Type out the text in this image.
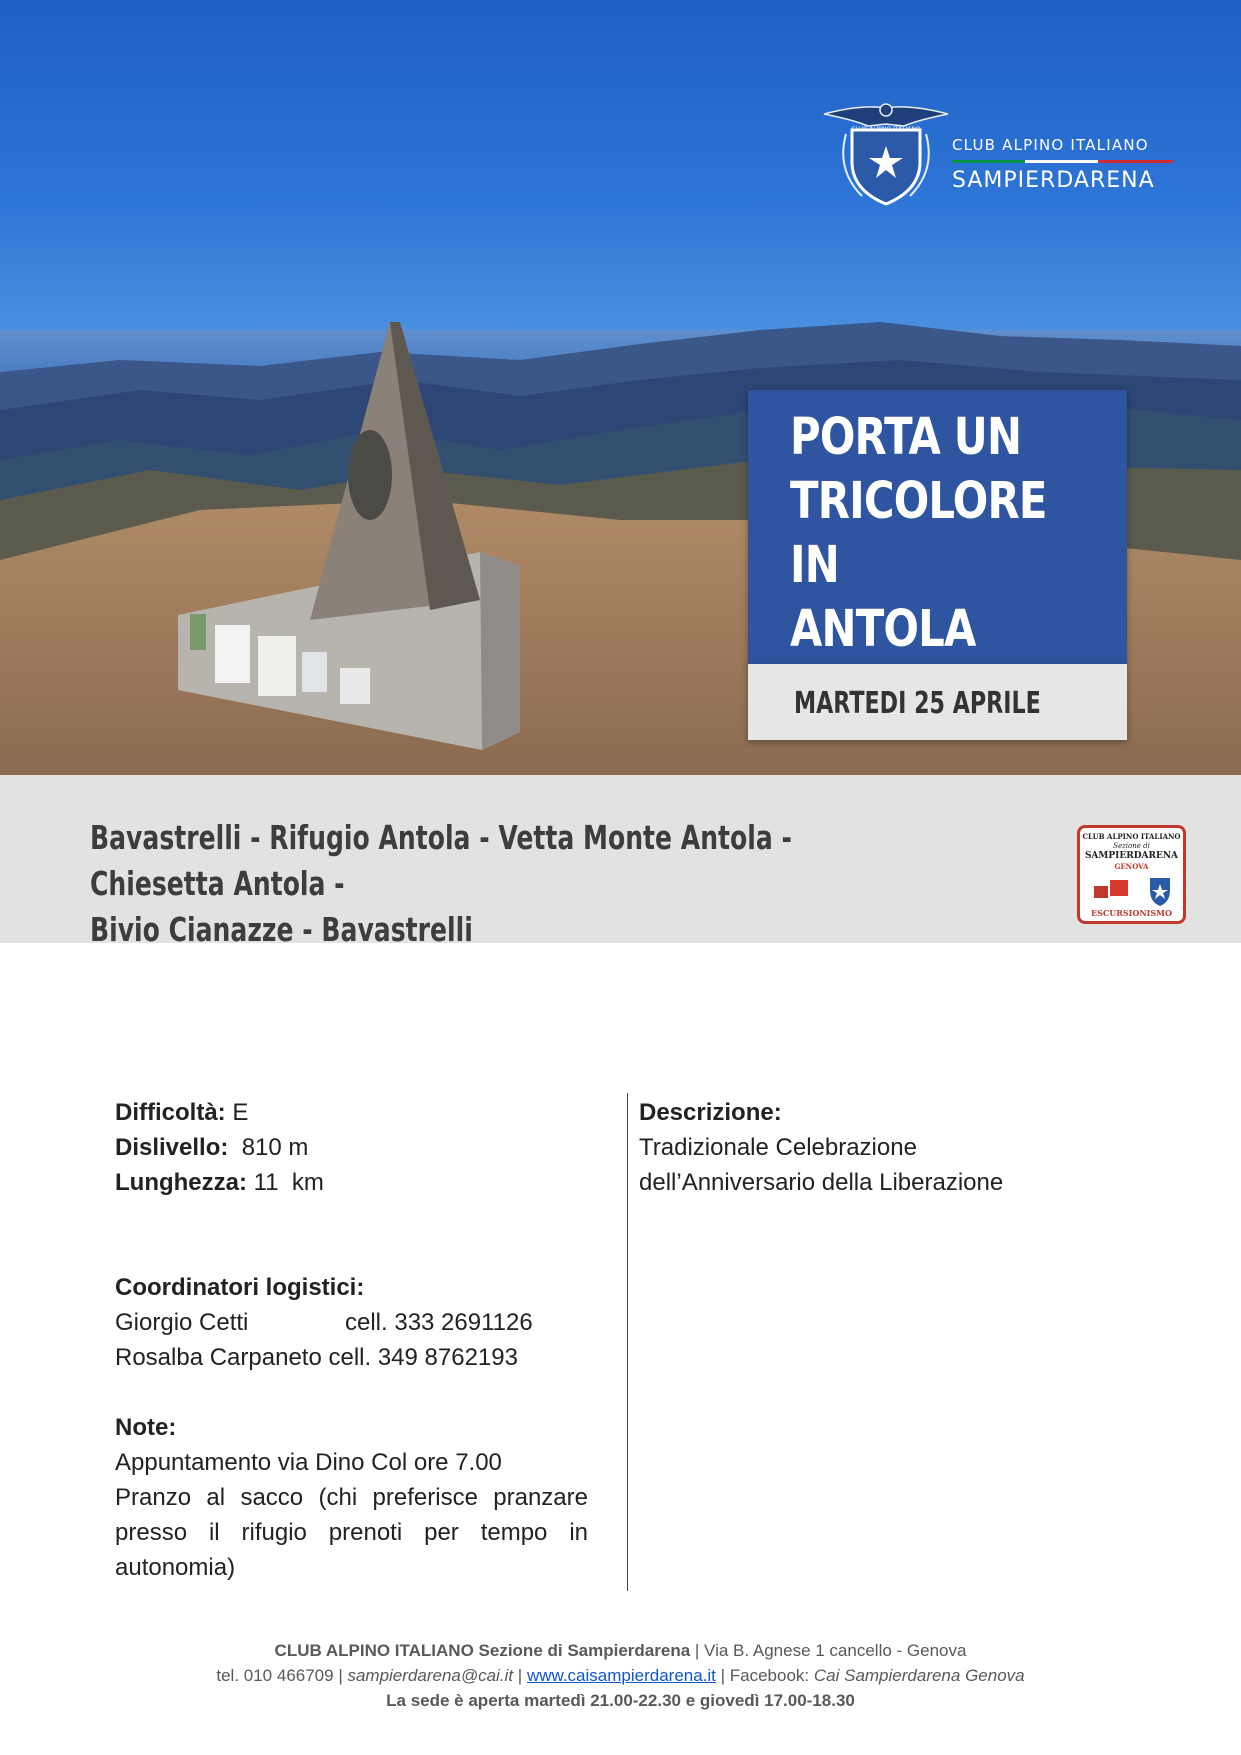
CLUB ALPINO ITALIANO
CLUB ALPINO ITALIANO
SAMPIERDARENA
PORTA UN
TRICOLORE IN
ANTOLA
MARTEDI 25 APRILE
Bavastrelli - Rifugio Antola - Vetta Monte Antola - Chiesetta Antola -
Bivio Cianazze - Bavastrelli
CLUB ALPINO ITALIANO
Sezione di
SAMPIERDARENA
GENOVA
ESCURSIONISMO

Difficoltà: E

Dislivello:  810 m

Lunghezza: 11  km

Coordinatori logistici:

Giorgio Cetti	cell. 333 2691126

Rosalba Carpaneto cell. 349 8762193

Note:

Appuntamento via Dino Col ore 7.00

Pranzo al sacco (chi preferisce pranzare presso il rifugio prenoti per tempo in autonomia)

Descrizione:

Tradizionale Celebrazione

dell’Anniversario della Liberazione

CLUB ALPINO ITALIANO Sezione di Sampierdarena | Via B. Agnese 1 cancello - Genova
tel. 010 466709 | sampierdarena@cai.it | www.caisampierdarena.it | Facebook: Cai Sampierdarena Genova
La sede è aperta martedì 21.00-22.30 e giovedì 17.00-18.30
